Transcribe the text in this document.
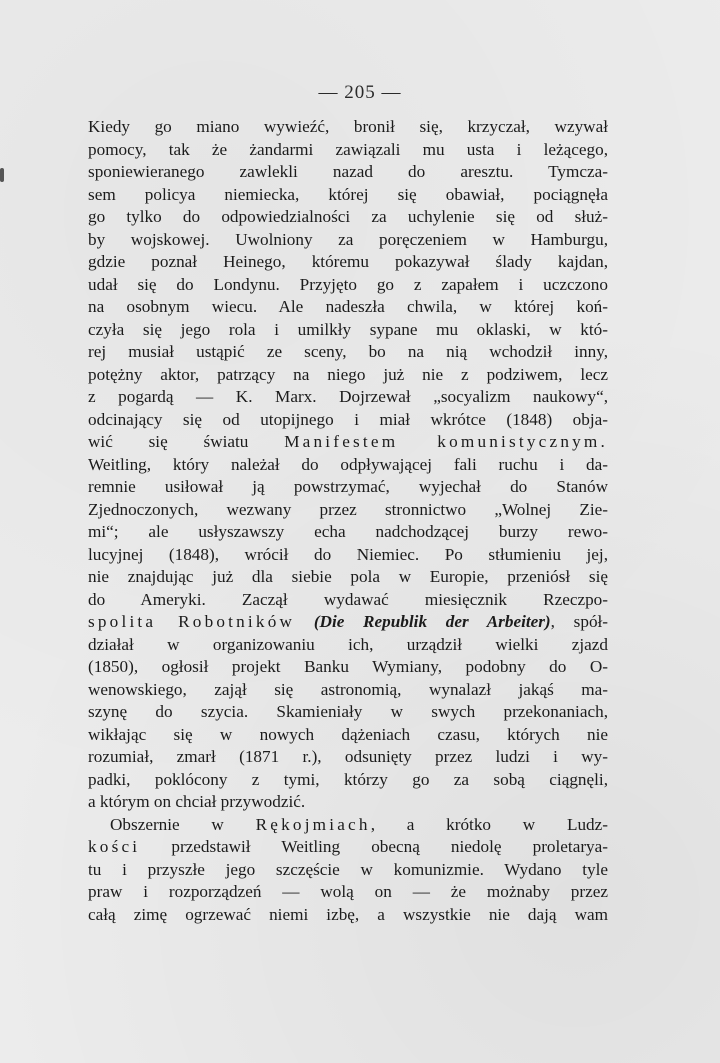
— 205 —
Kiedy go miano wywieźć, bronił się, krzyczał, wzywał
pomocy, tak że żandarmi zawiązali mu usta i leżącego,
sponiewieranego zawlekli nazad do aresztu. Tymcza-
sem policya niemiecka, której się obawiał, pociągnęła
go tylko do odpowiedzialności za uchylenie się od służ-
by wojskowej. Uwolniony za poręczeniem w Hamburgu,
gdzie poznał Heinego, któremu pokazywał ślady kajdan,
udał się do Londynu. Przyjęto go z zapałem i uczczono
na osobnym wiecu. Ale nadeszła chwila, w której koń-
czyła się jego rola i umilkły sypane mu oklaski, w któ-
rej musiał ustąpić ze sceny, bo na nią wchodził inny,
potężny aktor, patrzący na niego już nie z podziwem, lecz
z pogardą — K. Marx. Dojrzewał „socyalizm naukowy“,
odcinający się od utopijnego i miał wkrótce (1848) obja-
wić się światu Manifestem komunistycznym.
Weitling, który należał do odpływającej fali ruchu i da-
remnie usiłował ją powstrzymać, wyjechał do Stanów
Zjednoczonych, wezwany przez stronnictwo „Wolnej Zie-
mi“; ale usłyszawszy echa nadchodzącej burzy rewo-
lucyjnej (1848), wrócił do Niemiec. Po stłumieniu jej,
nie znajdując już dla siebie pola w Europie, przeniósł się
do Ameryki. Zaczął wydawać miesięcznik Rzeczpo-
spolita Robotników (Die Republik der Arbeiter), spół-
działał w organizowaniu ich, urządził wielki zjazd
(1850), ogłosił projekt Banku Wymiany, podobny do O-
wenowskiego, zajął się astronomią, wynalazł jakąś ma-
szynę do szycia. Skamieniały w swych przekonaniach,
wikłając się w nowych dążeniach czasu, których nie
rozumiał, zmarł (1871 r.), odsunięty przez ludzi i wy-
padki, poklócony z tymi, którzy go za sobą ciągnęli,
a którym on chciał przywodzić.
Obszernie w Rękojmiach, a krótko w Ludz-
kości przedstawił Weitling obecną niedolę proletarya-
tu i przyszłe jego szczęście w komunizmie. Wydano tyle
praw i rozporządzeń — wolą on — że możnaby przez
całą zimę ogrzewać niemi izbę, a wszystkie nie dają wam
